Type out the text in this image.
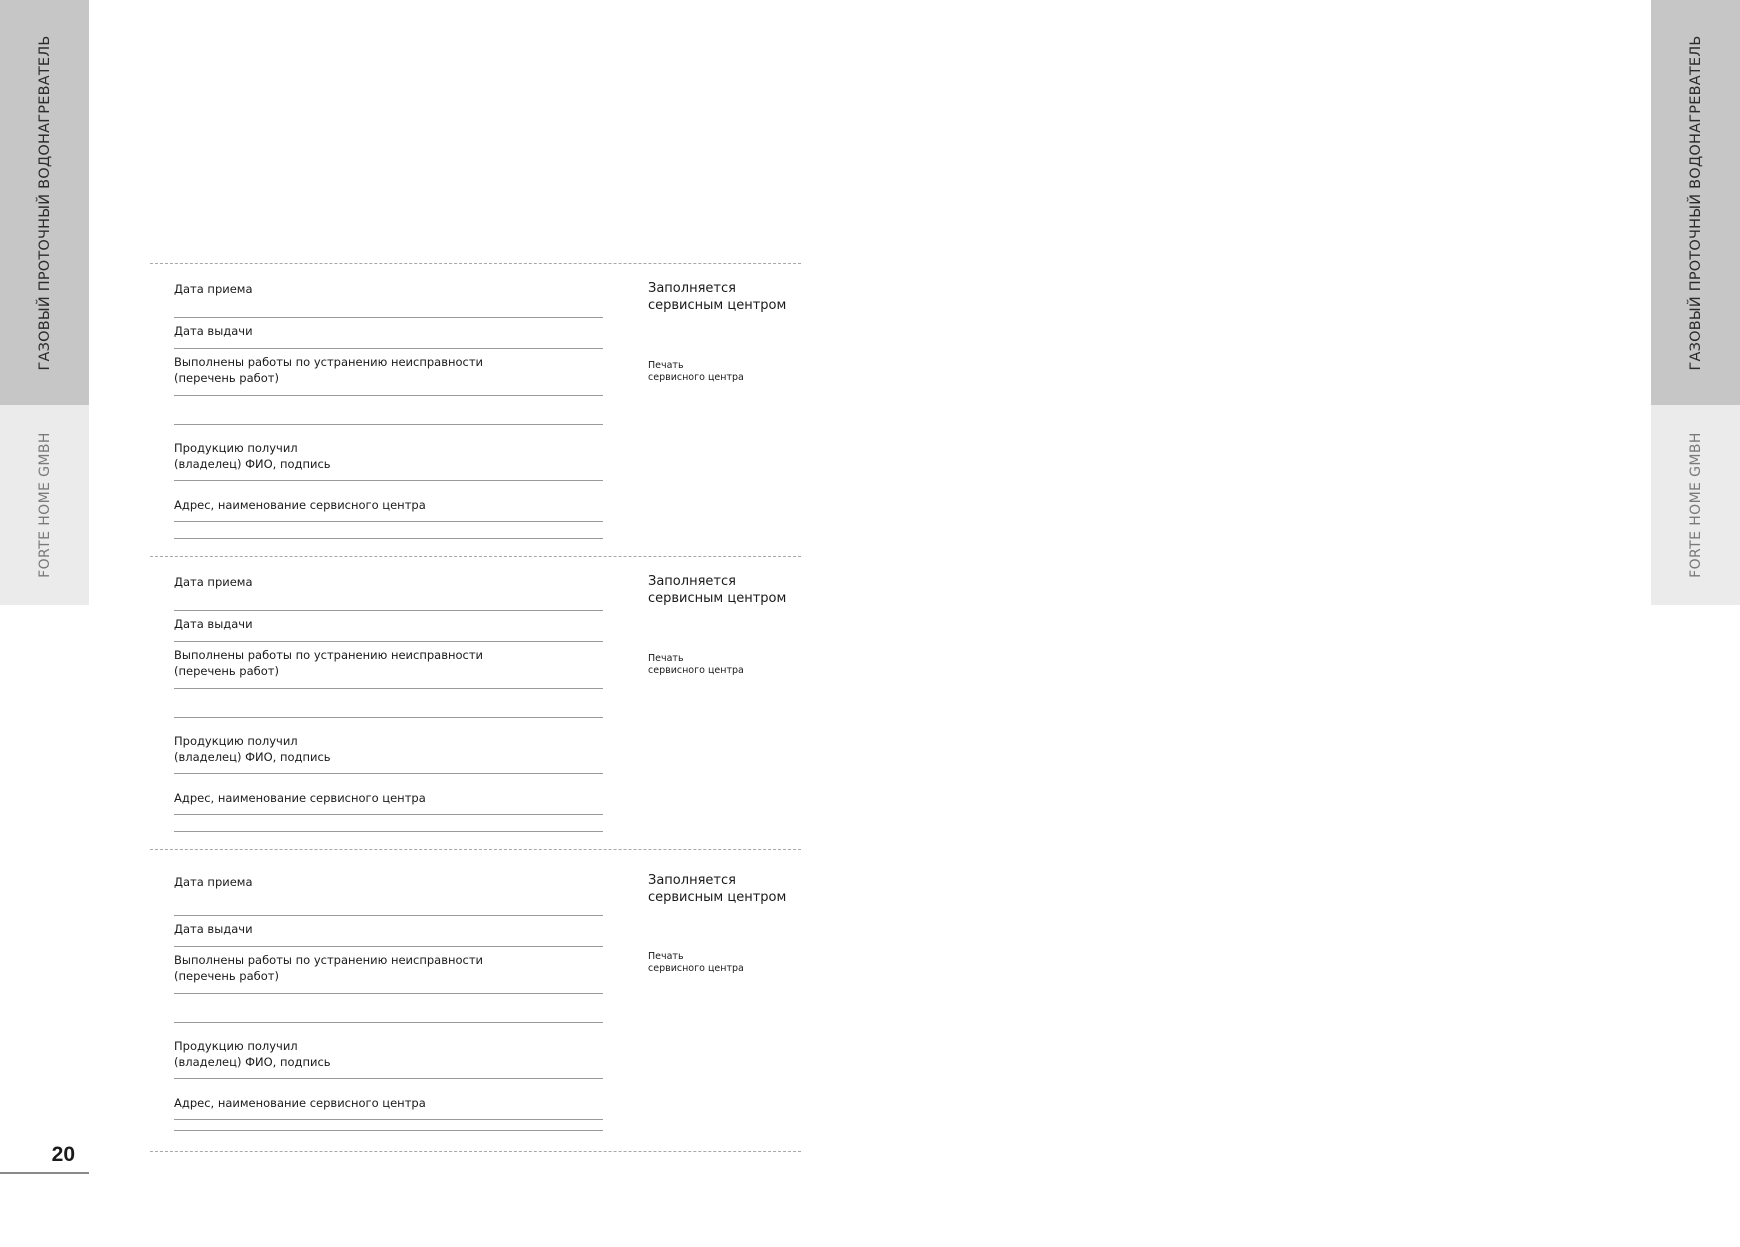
ГАЗОВЫЙ ПРОТОЧНЫЙ ВОДОНАГРЕВАТЕЛЬ
FORTE HOME GMBH
ГАЗОВЫЙ ПРОТОЧНЫЙ ВОДОНАГРЕВАТЕЛЬ
FORTE HOME GMBH
20
Дата приема
Дата выдачи
Выполнены работы по устранению неисправности
(перечень работ)
Продукцию получил
(владелец) ФИО, подпись
Адрес, наименование сервисного центра
Заполняется
сервисным центром
Печать
сервисного центра
Дата приема
Дата выдачи
Выполнены работы по устранению неисправности
(перечень работ)
Продукцию получил
(владелец) ФИО, подпись
Адрес, наименование сервисного центра
Заполняется
сервисным центром
Печать
сервисного центра
Дата приема
Дата выдачи
Выполнены работы по устранению неисправности
(перечень работ)
Продукцию получил
(владелец) ФИО, подпись
Адрес, наименование сервисного центра
Заполняется
сервисным центром
Печать
сервисного центра
